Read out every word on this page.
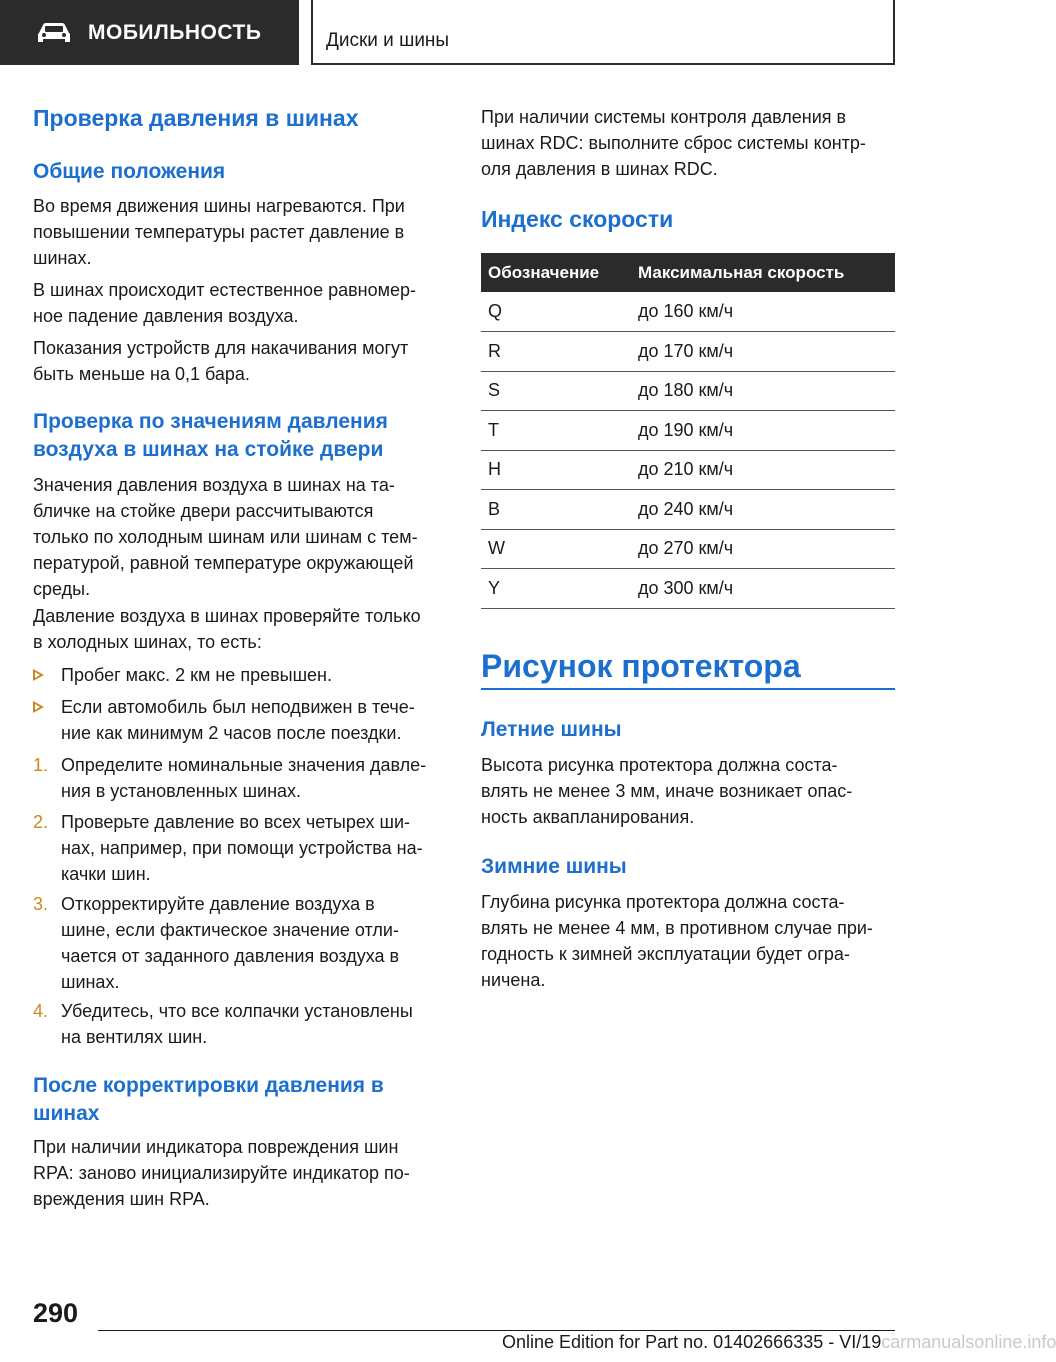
МОБИЛЬНОСТЬ	Диски и шины
Проверка давления в шинах
Общие положения

Во время движения шины нагреваются. При
повышении температуры растет давление в
шинах.

В шинах происходит естественное равномер-
ное падение давления воздуха.

Показания устройств для накачивания могут
быть меньше на 0,1 бара.

Проверка по значениям давления
воздуха в шинах на стойке двери

Значения давления воздуха в шинах на та-
бличке на стойке двери рассчитываются
только по холодным шинам или шинам с тем-
пературой, равной температуре окружающей
среды.

Давление воздуха в шинах проверяйте только
в холодных шинах, то есть:

Пробег макс. 2 км не превышен.
Если автомобиль был неподвижен в тече-
ние как минимум 2 часов после поездки.
1. Определите номинальные значения давле-
ния в установленных шинах.
2. Проверьте давление во всех четырех ши-
нах, например, при помощи устройства на-
качки шин.
3. Откорректируйте давление воздуха в
шине, если фактическое значение отли-
чается от заданного давления воздуха в
шинах.
4. Убедитесь, что все колпачки установлены
на вентилях шин.
После корректировки давления в
шинах

При наличии индикатора повреждения шин
RPA: заново инициализируйте индикатор по-
вреждения шин RPA.

При наличии системы контроля давления в
шинах RDC: выполните сброс системы контр-
оля давления в шинах RDC.

Индекс скорости
Обозначение	Максимальная скорость
Q	до 160 км/ч
R	до 170 км/ч
S	до 180 км/ч
T	до 190 км/ч
H	до 210 км/ч
B	до 240 км/ч
W	до 270 км/ч
Y	до 300 км/ч
Рисунок протектора
Летние шины

Высота рисунка протектора должна соста-
влять не менее 3 мм, иначе возникает опас-
ность аквапланирования.

Зимние шины

Глубина рисунка протектора должна соста-
влять не менее 4 мм, в противном случае при-
годность к зимней эксплуатации будет огра-
ничена.

290
Online Edition for Part no. 01402666335 - VI/19carmanualsonline.info
